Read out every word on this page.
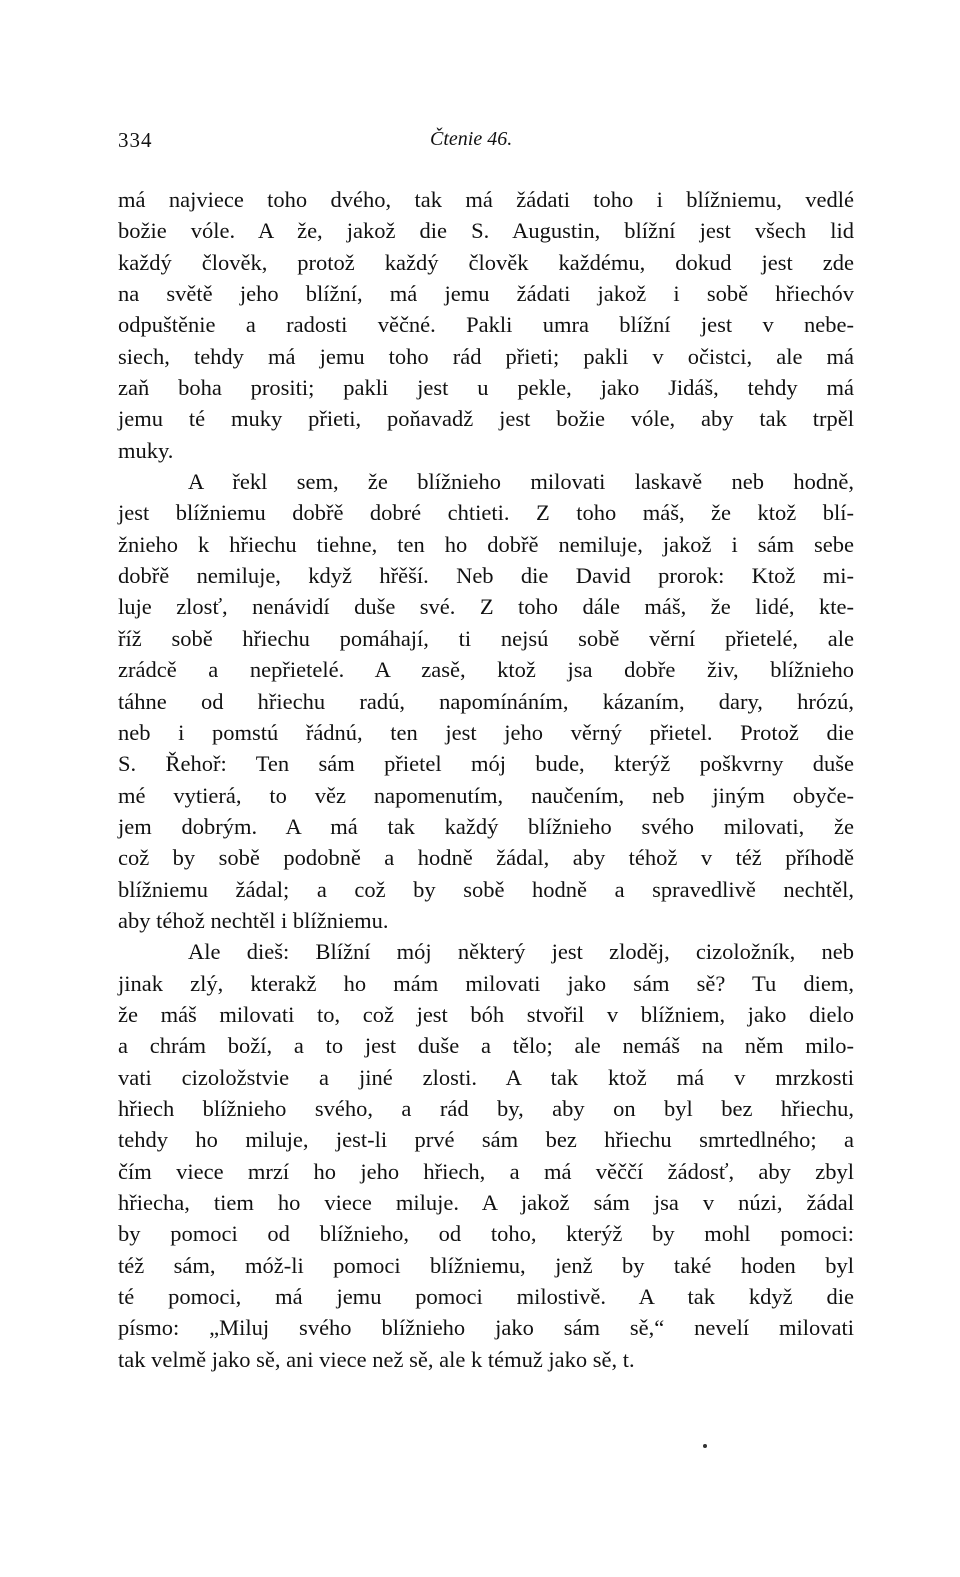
334	Čtenie 46.
má najviece toho dvého, tak má žádati toho i blížniemu, vedlé
božie vóle. A že, jakož die S. Augustin, blížní jest všech lid
každý člověk, protož každý člověk každému, dokud jest zde
na světě jeho blížní, má jemu žádati jakož i sobě hřiechóv
odpuštěnie a radosti věčné. Pakli umra blížní jest v nebe-
siech, tehdy má jemu toho rád přieti; pakli v očistci, ale má
zaň boha prositi; pakli jest u pekle, jako Jidáš, tehdy má
jemu té muky přieti, poňavadž jest božie vóle, aby tak trpěl
muky.
A řekl sem, že blížnieho milovati laskavě neb hodně,
jest blížniemu dobřě dobré chtieti. Z toho máš, že ktož blí-
žnieho k hřiechu tiehne, ten ho dobřě nemiluje, jakož i sám sebe
dobřě nemiluje, když hřěší. Neb die David prorok: Ktož mi-
luje zlosť, nenávidí duše své. Z toho dále máš, že lidé, kte-
říž sobě hřiechu pomáhají, ti nejsú sobě věrní přietelé, ale
zrádcě a nepřietelé. A zasě, ktož jsa dobře živ, blížnieho
táhne od hřiechu radú, napomínáním, kázaním, dary, hrózú,
neb i pomstú řádnú, ten jest jeho věrný přietel. Protož die
S. Řehoř: Ten sám přietel mój bude, kterýž poškvrny duše
mé vytierá, to věz napomenutím, naučením, neb jiným obyče-
jem dobrým. A má tak každý blížnieho svého milovati, že
což by sobě podobně a hodně žádal, aby téhož v též příhodě
blížniemu žádal; a což by sobě hodně a spravedlivě nechtěl,
aby téhož nechtěl i blížniemu.
Ale dieš: Blížní mój některý jest zloděj, cizoložník, neb
jinak zlý, kterakž ho mám milovati jako sám sě? Tu diem,
že máš milovati to, což jest bóh stvořil v blížniem, jako dielo
a chrám boží, a to jest duše a tělo; ale nemáš na něm milo-
vati cizoložstvie a jiné zlosti. A tak ktož má v mrzkosti
hřiech blížnieho svého, a rád by, aby on byl bez hřiechu,
tehdy ho miluje, jest-li prvé sám bez hřiechu smrtedlného; a
čím viece mrzí ho jeho hřiech, a má věččí žádosť, aby zbyl
hřiecha, tiem ho viece miluje. A jakož sám jsa v núzi, žádal
by pomoci od blížnieho, od toho, kterýž by mohl pomoci:
též sám, móž-li pomoci blížniemu, jenž by také hoden byl
té pomoci, má jemu pomoci milostivě. A tak když die
písmo: „Miluj svého blížnieho jako sám sě,“ nevelí milovati
tak velmě jako sě, ani viece než sě, ale k témuž jako sě, t.
